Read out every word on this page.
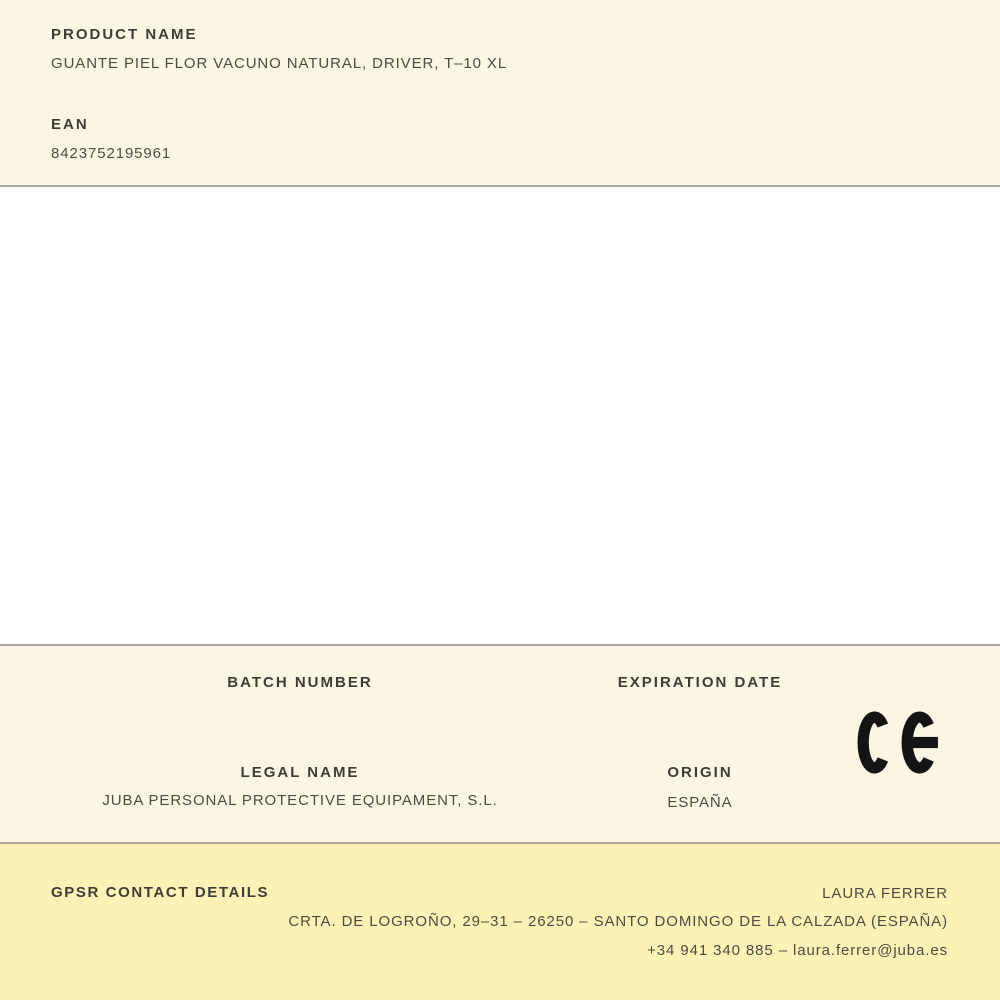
PRODUCT NAME
GUANTE PIEL FLOR VACUNO NATURAL, DRIVER, T–10 XL
EAN
8423752195961
BATCH NUMBER	EXPIRATION DATE
LEGAL NAME
JUBA PERSONAL PROTECTIVE EQUIPAMENT, S.L.
ORIGIN
ESPAÑA
GPSR CONTACT DETAILS	LAURA FERRER
CRTA. DE LOGROÑO, 29–31 – 26250 – SANTO DOMINGO DE LA CALZADA (ESPAÑA)
+34 941 340 885 – laura.ferrer@juba.es
